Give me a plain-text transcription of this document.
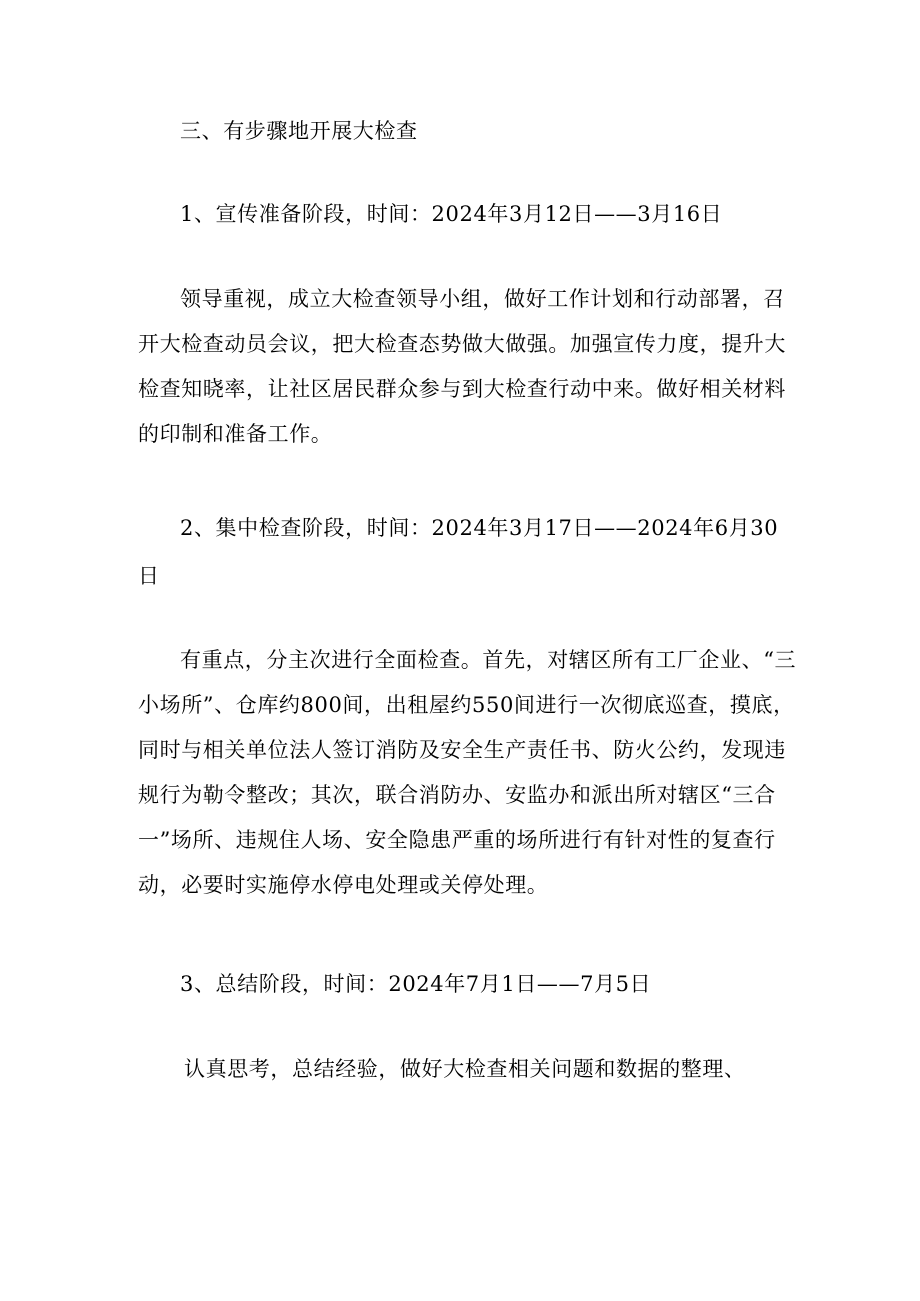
三、有步骤地开展大检查
1、宣传准备阶段，时间：2024年3月12日——3月16日
领导重视，成立大检查领导小组，做好工作计划和行动部署，召
开大检查动员会议，把大检查态势做大做强。加强宣传力度，提升大
检查知晓率，让社区居民群众参与到大检查行动中来。做好相关材料
的印制和准备工作。
2、集中检查阶段，时间：2024年3月17日——2024年6月30
日
有重点，分主次进行全面检查。首先，对辖区所有工厂企业、“三
小场所”、仓库约800间，出租屋约550间进行一次彻底巡查，摸底，
同时与相关单位法人签订消防及安全生产责任书、防火公约，发现违
规行为勒令整改；其次，联合消防办、安监办和派出所对辖区“三合
一”场所、违规住人场、安全隐患严重的场所进行有针对性的复查行
动，必要时实施停水停电处理或关停处理。
3、总结阶段，时间：2024年7月1日——7月5日
认真思考，总结经验，做好大检查相关问题和数据的整理、
